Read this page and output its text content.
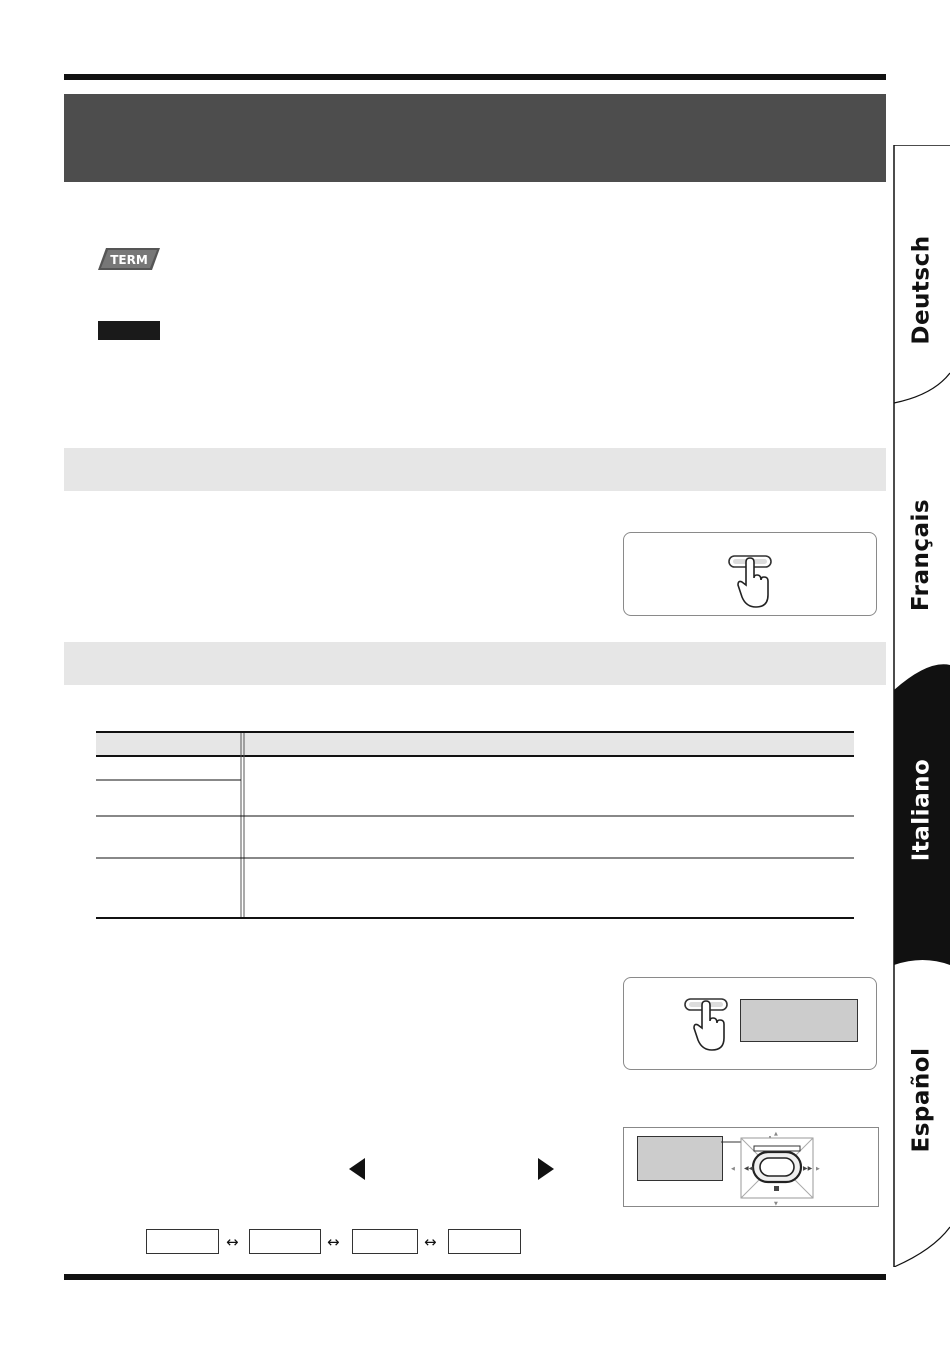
TERM
◀◀	▶▶
▲
▼
◀	▶
↔	↔	↔
Deutsch
Français
Italiano
Español
